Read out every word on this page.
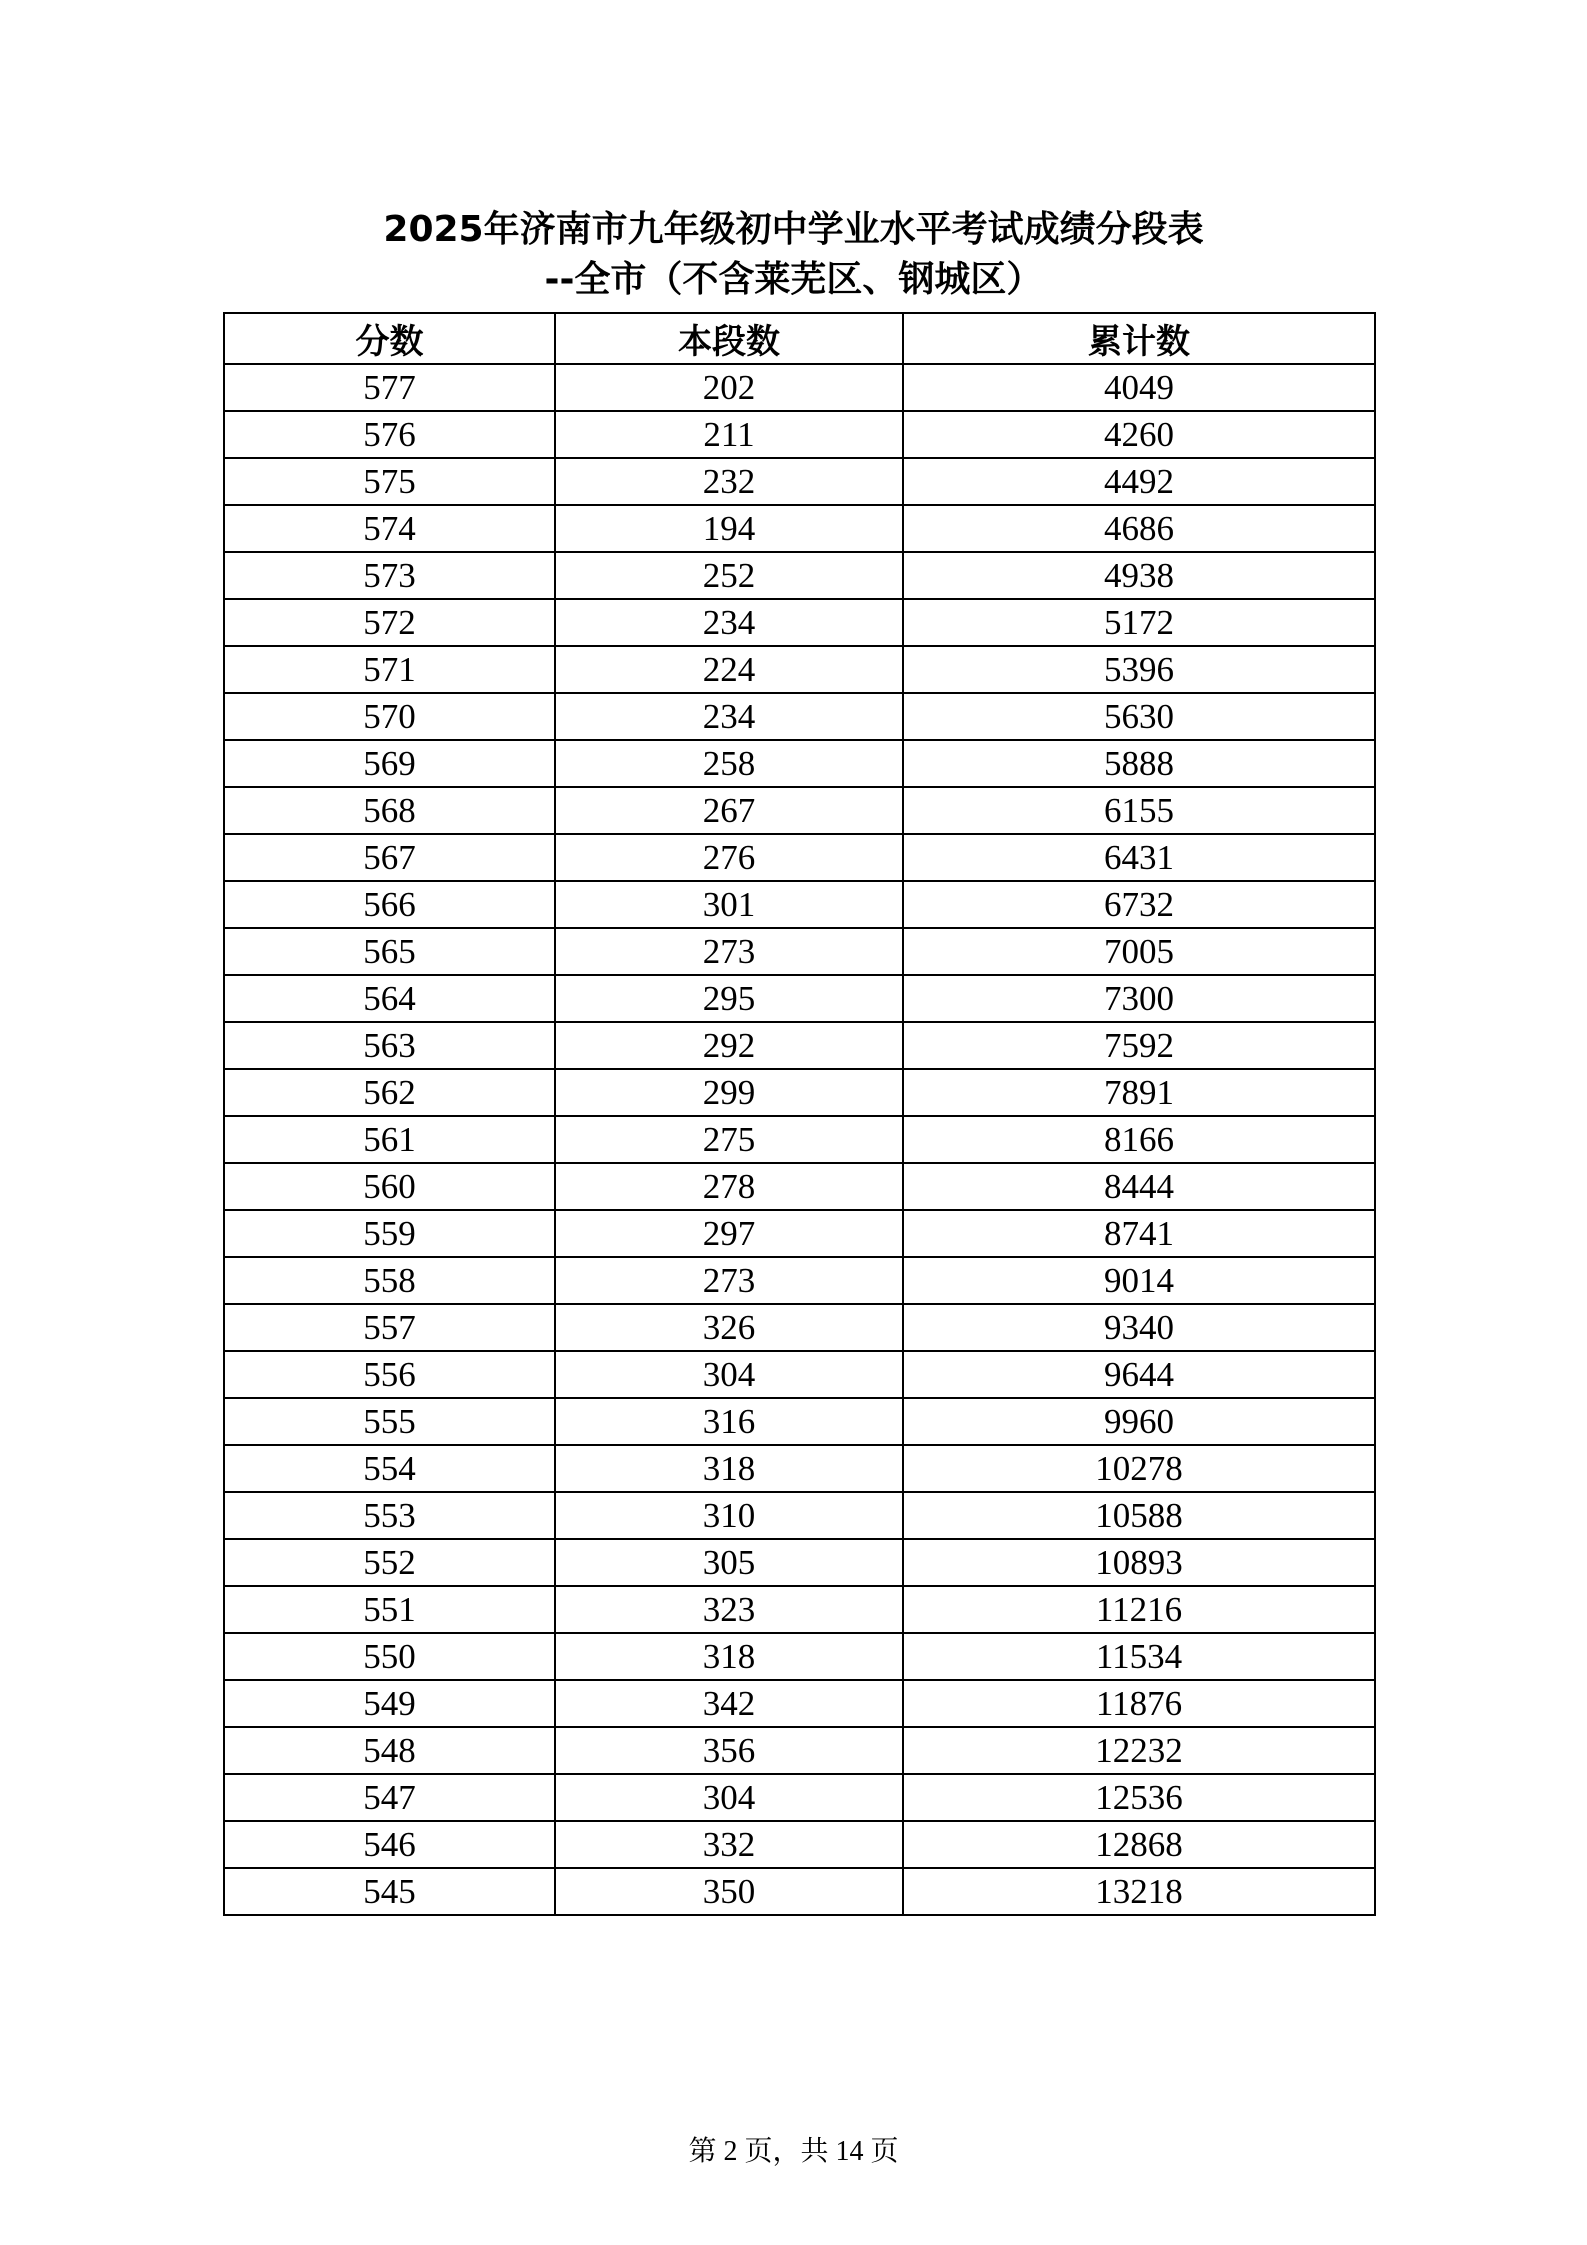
2025年济南市九年级初中学业水平考试成绩分段表
--全市（不含莱芜区、钢城区）
分数	本段数	累计数
577	202	4049
576	211	4260
575	232	4492
574	194	4686
573	252	4938
572	234	5172
571	224	5396
570	234	5630
569	258	5888
568	267	6155
567	276	6431
566	301	6732
565	273	7005
564	295	7300
563	292	7592
562	299	7891
561	275	8166
560	278	8444
559	297	8741
558	273	9014
557	326	9340
556	304	9644
555	316	9960
554	318	10278
553	310	10588
552	305	10893
551	323	11216
550	318	11534
549	342	11876
548	356	12232
547	304	12536
546	332	12868
545	350	13218
第 2 页，共 14 页
